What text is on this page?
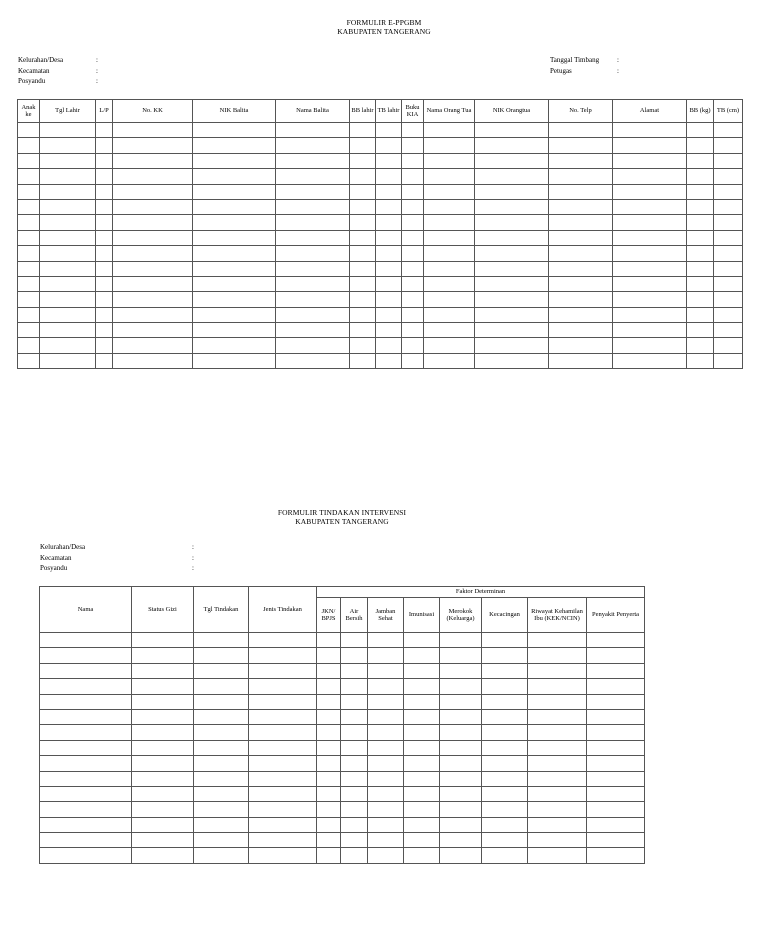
FORMULIR E-PPGBM
KABUPATEN TANGERANG
Kelurahan/Desa	:
Kecamatan	:
Posyandu	:
Tanggal Timbang	:
Petugas	:
Anak ke	Tgl Lahir	L/P	No. KK	NIK Balita	Nama Balita	BB lahir	TB lahir	Buku KIA	Nama Orang Tua	NIK Orangtua	No. Telp	Alamat	BB (kg)	TB (cm)

FORMULIR TINDAKAN INTERVENSI
KABUPATEN TANGERANG
Kelurahan/Desa	:
Kecamatan	:
Posyandu	:
Nama	Status Gizi	Tgl Tindakan	Jenis Tindakan	Faktor Determinan							
				JKN/ BPJS	Air Bersih	Jamban Sehat	Imunisasi	Merokok (Keluarga)	Kecacingan	Riwayat Kehamilan Ibu (KEK/NCIN)	Penyakit Penyerta
